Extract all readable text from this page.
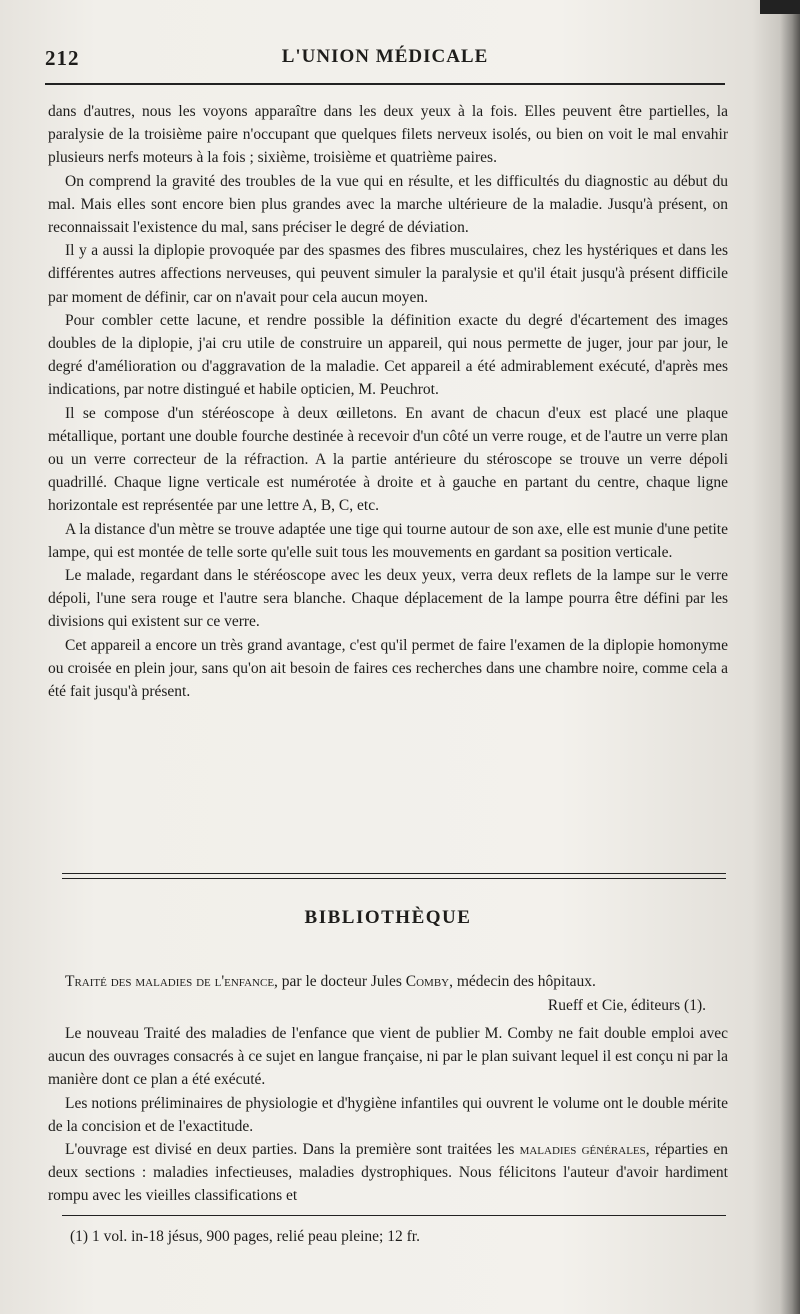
212	L'UNION MÉDICALE

dans d'autres, nous les voyons apparaître dans les deux yeux à la fois. Elles peuvent être partielles, la paralysie de la troisième paire n'occupant que quelques filets nerveux isolés, ou bien on voit le mal envahir plusieurs nerfs moteurs à la fois ; sixième, troisième et quatrième paires.

On comprend la gravité des troubles de la vue qui en résulte, et les difficultés du diagnostic au début du mal. Mais elles sont encore bien plus grandes avec la marche ultérieure de la maladie. Jusqu'à présent, on reconnaissait l'existence du mal, sans préciser le degré de déviation.

Il y a aussi la diplopie provoquée par des spasmes des fibres musculaires, chez les hystériques et dans les différentes autres affections nerveuses, qui peuvent simuler la paralysie et qu'il était jusqu'à présent difficile par moment de définir, car on n'avait pour cela aucun moyen.

Pour combler cette lacune, et rendre possible la définition exacte du degré d'écartement des images doubles de la diplopie, j'ai cru utile de construire un appareil, qui nous permette de juger, jour par jour, le degré d'amélioration ou d'aggravation de la maladie. Cet appareil a été admirablement exécuté, d'après mes indications, par notre distingué et habile opticien, M. Peuchrot.

Il se compose d'un stéréoscope à deux œilletons. En avant de chacun d'eux est placé une plaque métallique, portant une double fourche destinée à recevoir d'un côté un verre rouge, et de l'autre un verre plan ou un verre correcteur de la réfraction. A la partie antérieure du stéroscope se trouve un verre dépoli quadrillé. Chaque ligne verticale est numérotée à droite et à gauche en partant du centre, chaque ligne horizontale est représentée par une lettre A, B, C, etc.

A la distance d'un mètre se trouve adaptée une tige qui tourne autour de son axe, elle est munie d'une petite lampe, qui est montée de telle sorte qu'elle suit tous les mouvements en gardant sa position verticale.

Le malade, regardant dans le stéréoscope avec les deux yeux, verra deux reflets de la lampe sur le verre dépoli, l'une sera rouge et l'autre sera blanche. Chaque déplacement de la lampe pourra être défini par les divisions qui existent sur ce verre.

Cet appareil a encore un très grand avantage, c'est qu'il permet de faire l'examen de la diplopie homonyme ou croisée en plein jour, sans qu'on ait besoin de faires ces recherches dans une chambre noire, comme cela a été fait jusqu'à présent.

BIBLIOTHÈQUE
Traité des maladies de l'enfance, par le docteur Jules Comby, médecin des hôpitaux.
Rueff et Cie, éditeurs (1).

Le nouveau Traité des maladies de l'enfance que vient de publier M. Comby ne fait double emploi avec aucun des ouvrages consacrés à ce sujet en langue française, ni par le plan suivant lequel il est conçu ni par la manière dont ce plan a été exécuté.

Les notions préliminaires de physiologie et d'hygiène infantiles qui ouvrent le volume ont le double mérite de la concision et de l'exactitude.

L'ouvrage est divisé en deux parties. Dans la première sont traitées les maladies générales, réparties en deux sections : maladies infectieuses, maladies dystrophiques. Nous félicitons l'auteur d'avoir hardiment rompu avec les vieilles classifications et

(1) 1 vol. in-18 jésus, 900 pages, relié peau pleine; 12 fr.
